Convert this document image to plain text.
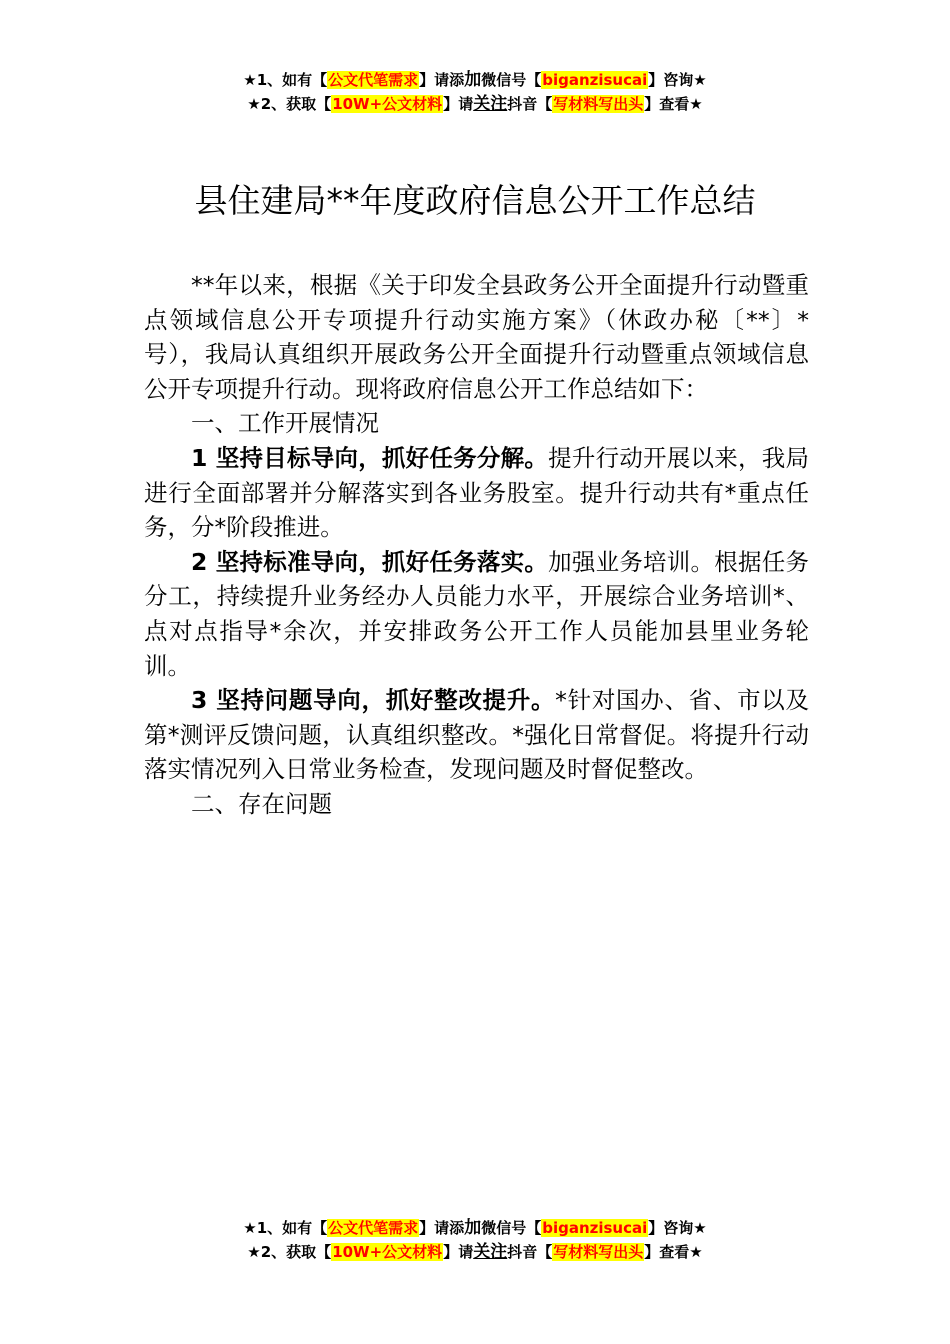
★1、如有【公文代笔需求】请添加微信号【biganzisucai】咨询★
★2、获取【10W+公文材料】请关注抖音【写材料写出头】查看★
县住建局**年度政府信息公开工作总结

**年以来，根据《关于印发全县政务公开全面提升行动暨重点领域信息公开专项提升行动实施方案》（休政办秘〔**〕*号），我局认真组织开展政务公开全面提升行动暨重点领域信息公开专项提升行动。现将政府信息公开工作总结如下：

一、工作开展情况

1 坚持目标导向，抓好任务分解。提升行动开展以来，我局进行全面部署并分解落实到各业务股室。提升行动共有*重点任务，分*阶段推进。

2 坚持标准导向，抓好任务落实。加强业务培训。根据任务分工，持续提升业务经办人员能力水平，开展综合业务培训*、点对点指导*余次，并安排政务公开工作人员能加县里业务轮训。

3 坚持问题导向，抓好整改提升。*针对国办、省、市以及第*测评反馈问题，认真组织整改。*强化日常督促。将提升行动落实情况列入日常业务检查，发现问题及时督促整改。

二、存在问题

★1、如有【公文代笔需求】请添加微信号【biganzisucai】咨询★
★2、获取【10W+公文材料】请关注抖音【写材料写出头】查看★
